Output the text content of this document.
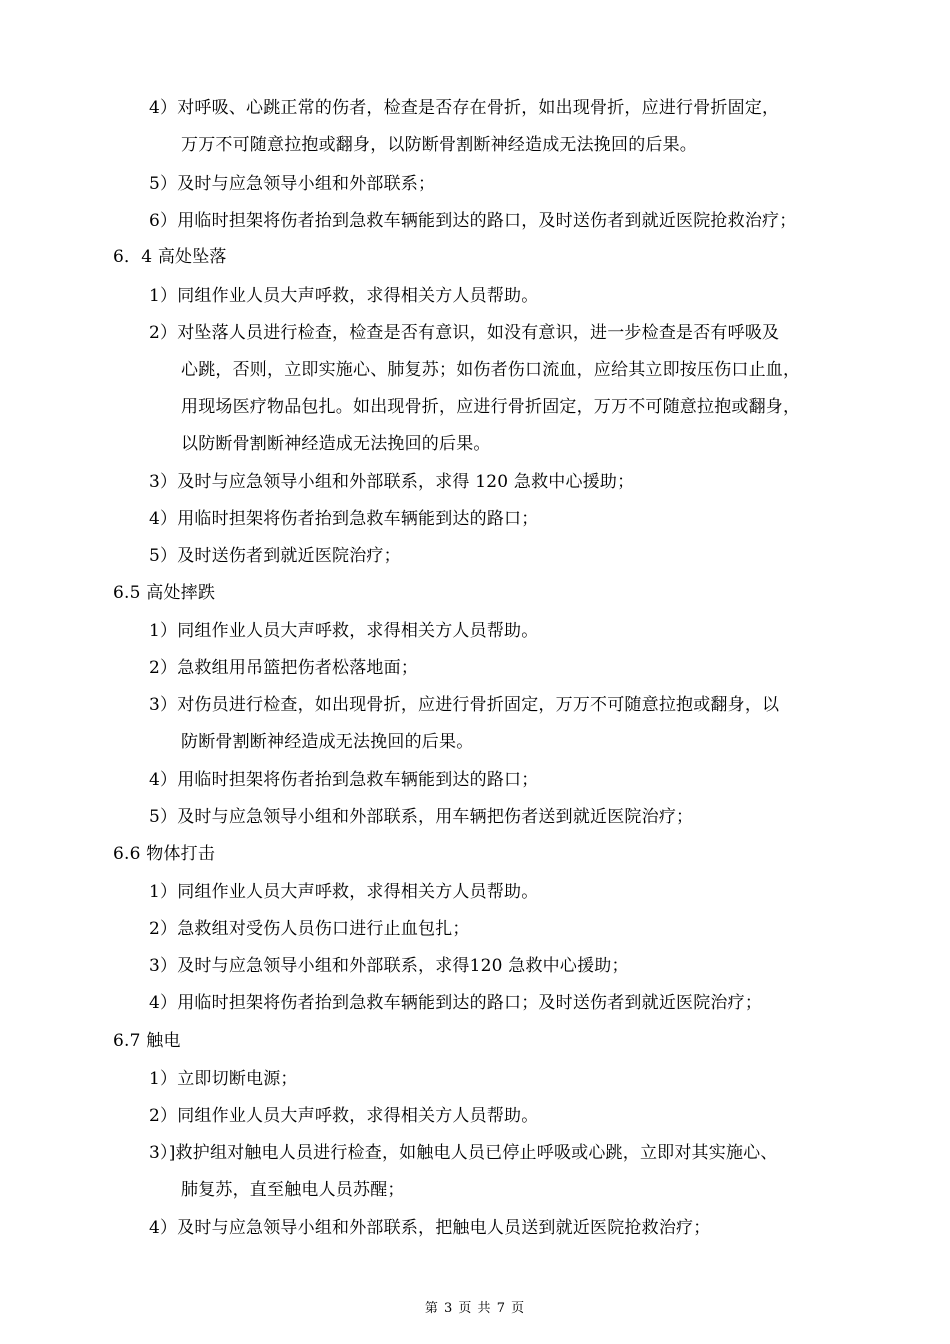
4）对呼吸、心跳正常的伤者，检查是否存在骨折，如出现骨折，应进行骨折固定，
万万不可随意拉抱或翻身，以防断骨割断神经造成无法挽回的后果。
5）及时与应急领导小组和外部联系；
6）用临时担架将伤者抬到急救车辆能到达的路口，及时送伤者到就近医院抢救治疗；
6．4 高处坠落
1）同组作业人员大声呼救，求得相关方人员帮助。
2）对坠落人员进行检查，检查是否有意识，如没有意识，进一步检查是否有呼吸及
心跳，否则，立即实施心、肺复苏；如伤者伤口流血，应给其立即按压伤口止血，
用现场医疗物品包扎。如出现骨折，应进行骨折固定，万万不可随意拉抱或翻身，
以防断骨割断神经造成无法挽回的后果。
3）及时与应急领导小组和外部联系，求得 120 急救中心援助；
4）用临时担架将伤者抬到急救车辆能到达的路口；
5）及时送伤者到就近医院治疗；
6.5 高处摔跌
1）同组作业人员大声呼救，求得相关方人员帮助。
2）急救组用吊篮把伤者松落地面；
3）对伤员进行检查，如出现骨折，应进行骨折固定，万万不可随意拉抱或翻身，以
防断骨割断神经造成无法挽回的后果。
4）用临时担架将伤者抬到急救车辆能到达的路口；
5）及时与应急领导小组和外部联系，用车辆把伤者送到就近医院治疗；
6.6 物体打击
1）同组作业人员大声呼救，求得相关方人员帮助。
2）急救组对受伤人员伤口进行止血包扎；
3）及时与应急领导小组和外部联系，求得120 急救中心援助；
4）用临时担架将伤者抬到急救车辆能到达的路口；及时送伤者到就近医院治疗；
6.7 触电
1）立即切断电源；
2）同组作业人员大声呼救，求得相关方人员帮助。
3）]救护组对触电人员进行检查，如触电人员已停止呼吸或心跳，立即对其实施心、
肺复苏，直至触电人员苏醒；
4）及时与应急领导小组和外部联系，把触电人员送到就近医院抢救治疗；
第 3 页 共 7 页
